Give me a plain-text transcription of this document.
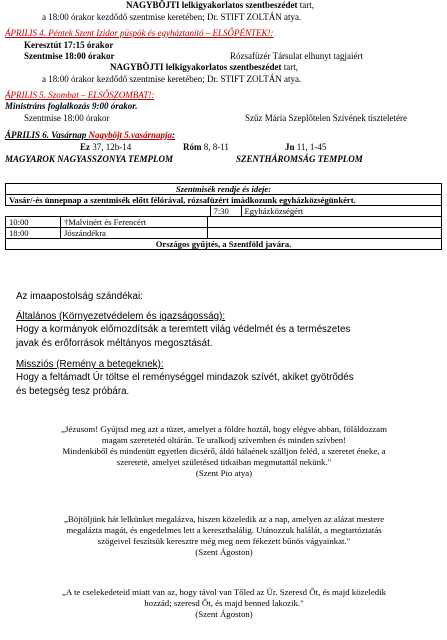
NAGYBÖJTI lelkigyakorlatos szentbeszédet tart,
a 18:00 órakor kezdődő szentmise keretében; Dr. STIFT ZOLTÁN atya.
ÁPRILIS 4. Péntek Szent Izidor püspök és egyháztanító – ELSŐPÉNTEK!:
Keresztút 17:15 órakor
Szentmise 18:00 órakor	Rózsafüzér Társulat elhunyt tagjaiért
NAGYBÖJTI lelkigyakorlatos szentbeszédet tart,
a 18:00 órakor kezdődő szentmise keretében; Dr. STIFT ZOLTÁN atya.
ÁPRILIS 5. Szombat – ELSŐSZOMBAT!:
Ministráns foglalkozás 9:00 órakor.
Szentmise 18:00 órakor	Szűz Mária Szeplőtelen Szívének tiszteletére
ÁPRILIS 6. Vasárnap Nagyböjt 5.vasárnapja:
Ez 37, 12b-14	Róm 8, 8-11	Jn 11, 1-45
MAGYAROK NAGYASSZONYA TEMPLOM	SZENTHÁROMSÁG TEMPLOM
Szentmisék rendje és ideje:
Vasár/-és ünnepnap a szentmisék előtt félórával, rózsafüzért imádkozunk egyházközségünkért.
	7:30	Egyházközségért

10:00	†Malvinért és Ferencért

18:00	Jószándékra

Országos gyűjtés, a Szentföld javára.
Az imaapostolság szándékai:
Általános (Környezetvédelem és igazságosság):
Hogy a kormányok előmozdítsák a teremtett világ védelmét és a természetes
javak és erőforrások méltányos megosztását.
Missziós (Remény a betegeknek):
Hogy a feltámadt Úr töltse el reménységgel mindazok szívét, akiket gyötrődés
és betegség tesz próbára.
„Jézusom! Gyújtsd meg azt a tüzet, amelyet a földre hoztál, hogy elégve abban, föláldozzam
magam szeretetéd oltárán. Te uralkodj szívemben és minden szívben!
Mindenkiből és mindenütt egyetlen dicsérő, áldó hálaének szálljon feléd, a szeretet éneke, a
szeretetë, amelyet születésed titkaiban megmutattál nekünk."
(Szent Pio atya)
„Böjtöljünk hát lelkünket megalázva, hiszen közeledik az a nap, amelyen az alázat mestere
megalázta magát, és engedelmes lett a kereszthalálig. Utánozzuk halálát, a megtartóztatás
szögeivel feszítsük keresztre még meg nem fékezett bűnös vágyainkat."
(Szent Ágoston)
„A te cselekedeteid miatt van az, hogy távol van Tőled az Úr. Szeresd Őt, és majd közeledik
hozzád; szeresd Őt, és majd benned lakozik."
(Szent Ágoston)
